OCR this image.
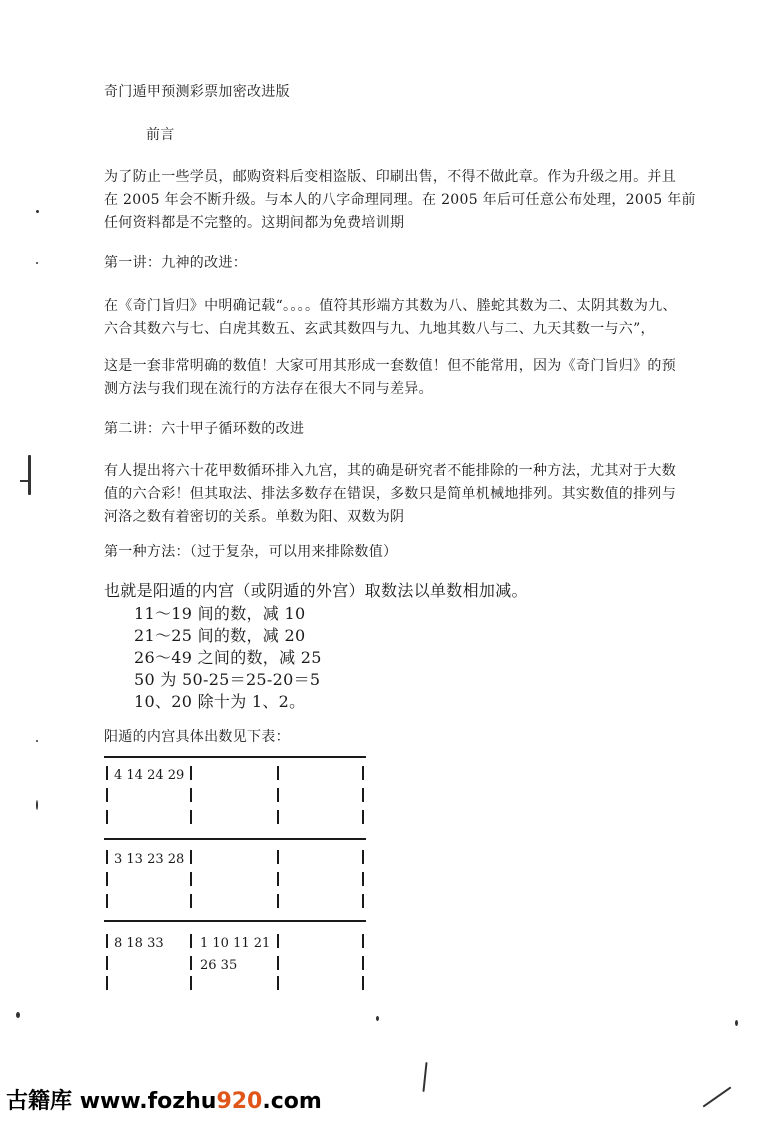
奇门遁甲预测彩票加密改进版
前言
为了防止一些学员，邮购资料后变相盗版、印刷出售，不得不做此章。作为升级之用。并且
在 2005 年会不断升级。与本人的八字命理同理。在 2005 年后可任意公布处理，2005 年前
任何资料都是不完整的。这期间都为免费培训期
第一讲：九神的改进：
在《奇门旨归》中明确记载“。。。。值符其形端方其数为八、塍蛇其数为二、太阴其数为九、
六合其数六与七、白虎其数五、玄武其数四与九、九地其数八与二、九天其数一与六”，
这是一套非常明确的数值！大家可用其形成一套数值！但不能常用，因为《奇门旨归》的预
测方法与我们现在流行的方法存在很大不同与差异。
第二讲：六十甲子循环数的改进
有人提出将六十花甲数循环排入九宫，其的确是研究者不能排除的一种方法，尤其对于大数
值的六合彩！但其取法、排法多数存在错误，多数只是简单机械地排列。其实数值的排列与
河洛之数有着密切的关系。单数为阳、双数为阴
第一种方法：（过于复杂，可以用来排除数值）
也就是阳遁的内宫（或阴遁的外宫）取数法以单数相加减。
11～19 间的数，减 10
21～25 间的数，减 20
26～49 之间的数，减 25
50 为 50-25＝25-20＝5
10、20 除十为 1、2。
阳遁的内宫具体出数见下表：
4 14 24 29
3 13 23 28
8 18 33	1 10 11 21
26 35
古籍库 www.fozhu920.com
